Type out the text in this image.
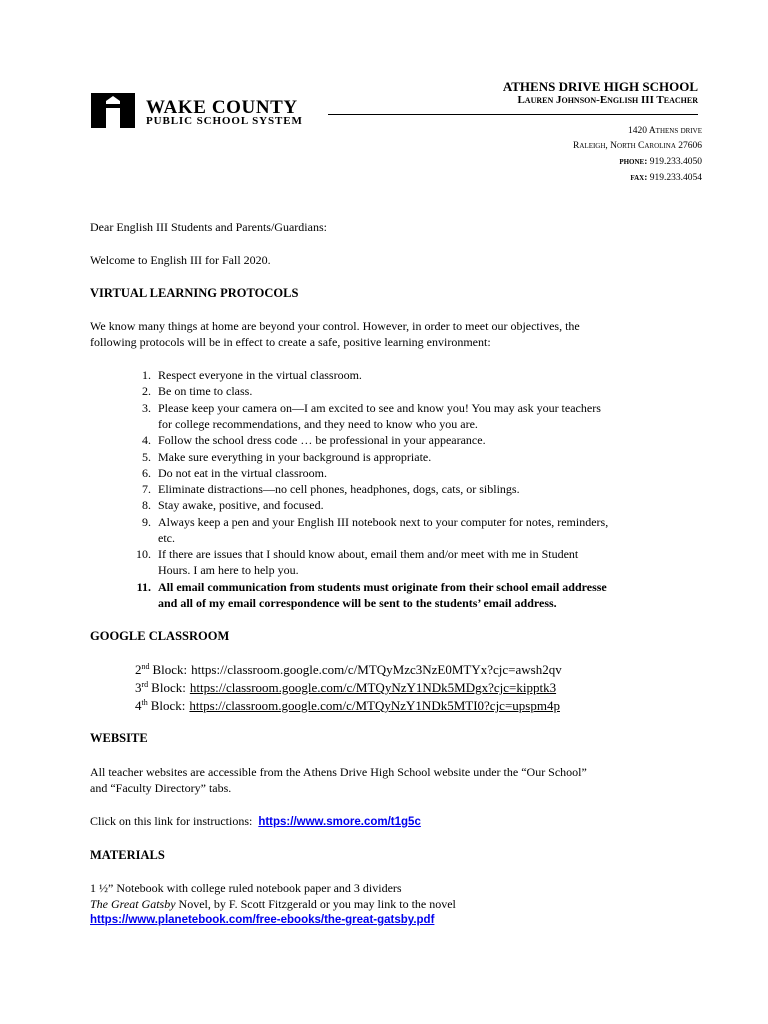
WAKE COUNTY
PUBLIC SCHOOL SYSTEM
ATHENS DRIVE HIGH SCHOOL
Lauren Johnson-English III Teacher
1420 Athens drive
Raleigh, North Carolina 27606
phone: 919.233.4050
fax: 919.233.4054
Dear English III Students and Parents/Guardians:
Welcome to English III for Fall 2020.
VIRTUAL LEARNING PROTOCOLS
We know many things at home are beyond your control. However, in order to meet our objectives, the
following protocols will be in effect to create a safe, positive learning environment:
1. Respect everyone in the virtual classroom.
2. Be on time to class.
3. Please keep your camera on—I am excited to see and know you! You may ask your teachers
for college recommendations, and they need to know who you are.
4. Follow the school dress code … be professional in your appearance.
5. Make sure everything in your background is appropriate.
6. Do not eat in the virtual classroom.
7. Eliminate distractions—no cell phones, headphones, dogs, cats, or siblings.
8. Stay awake, positive, and focused.
9. Always keep a pen and your English III notebook next to your computer for notes, reminders,
etc.
10. If there are issues that I should know about, email them and/or meet with me in Student
Hours. I am here to help you.
11. All email communication from students must originate from their school email addresse
and all of my email correspondence will be sent to the students’ email address.
GOOGLE CLASSROOM
2nd Block: https://classroom.google.com/c/MTQyMzc3NzE0MTYx?cjc=awsh2qv
3rd Block: https://classroom.google.com/c/MTQyNzY1NDk5MDgx?cjc=kipptk3
4th Block: https://classroom.google.com/c/MTQyNzY1NDk5MTI0?cjc=upspm4p
WEBSITE
All teacher websites are accessible from the Athens Drive High School website under the “Our School”
and “Faculty Directory” tabs.
Click on this link for instructions: https://www.smore.com/t1g5c
MATERIALS
1 ½” Notebook with college ruled notebook paper and 3 dividers
The Great Gatsby Novel, by F. Scott Fitzgerald or you may link to the novel
https://www.planetebook.com/free-ebooks/the-great-gatsby.pdf
